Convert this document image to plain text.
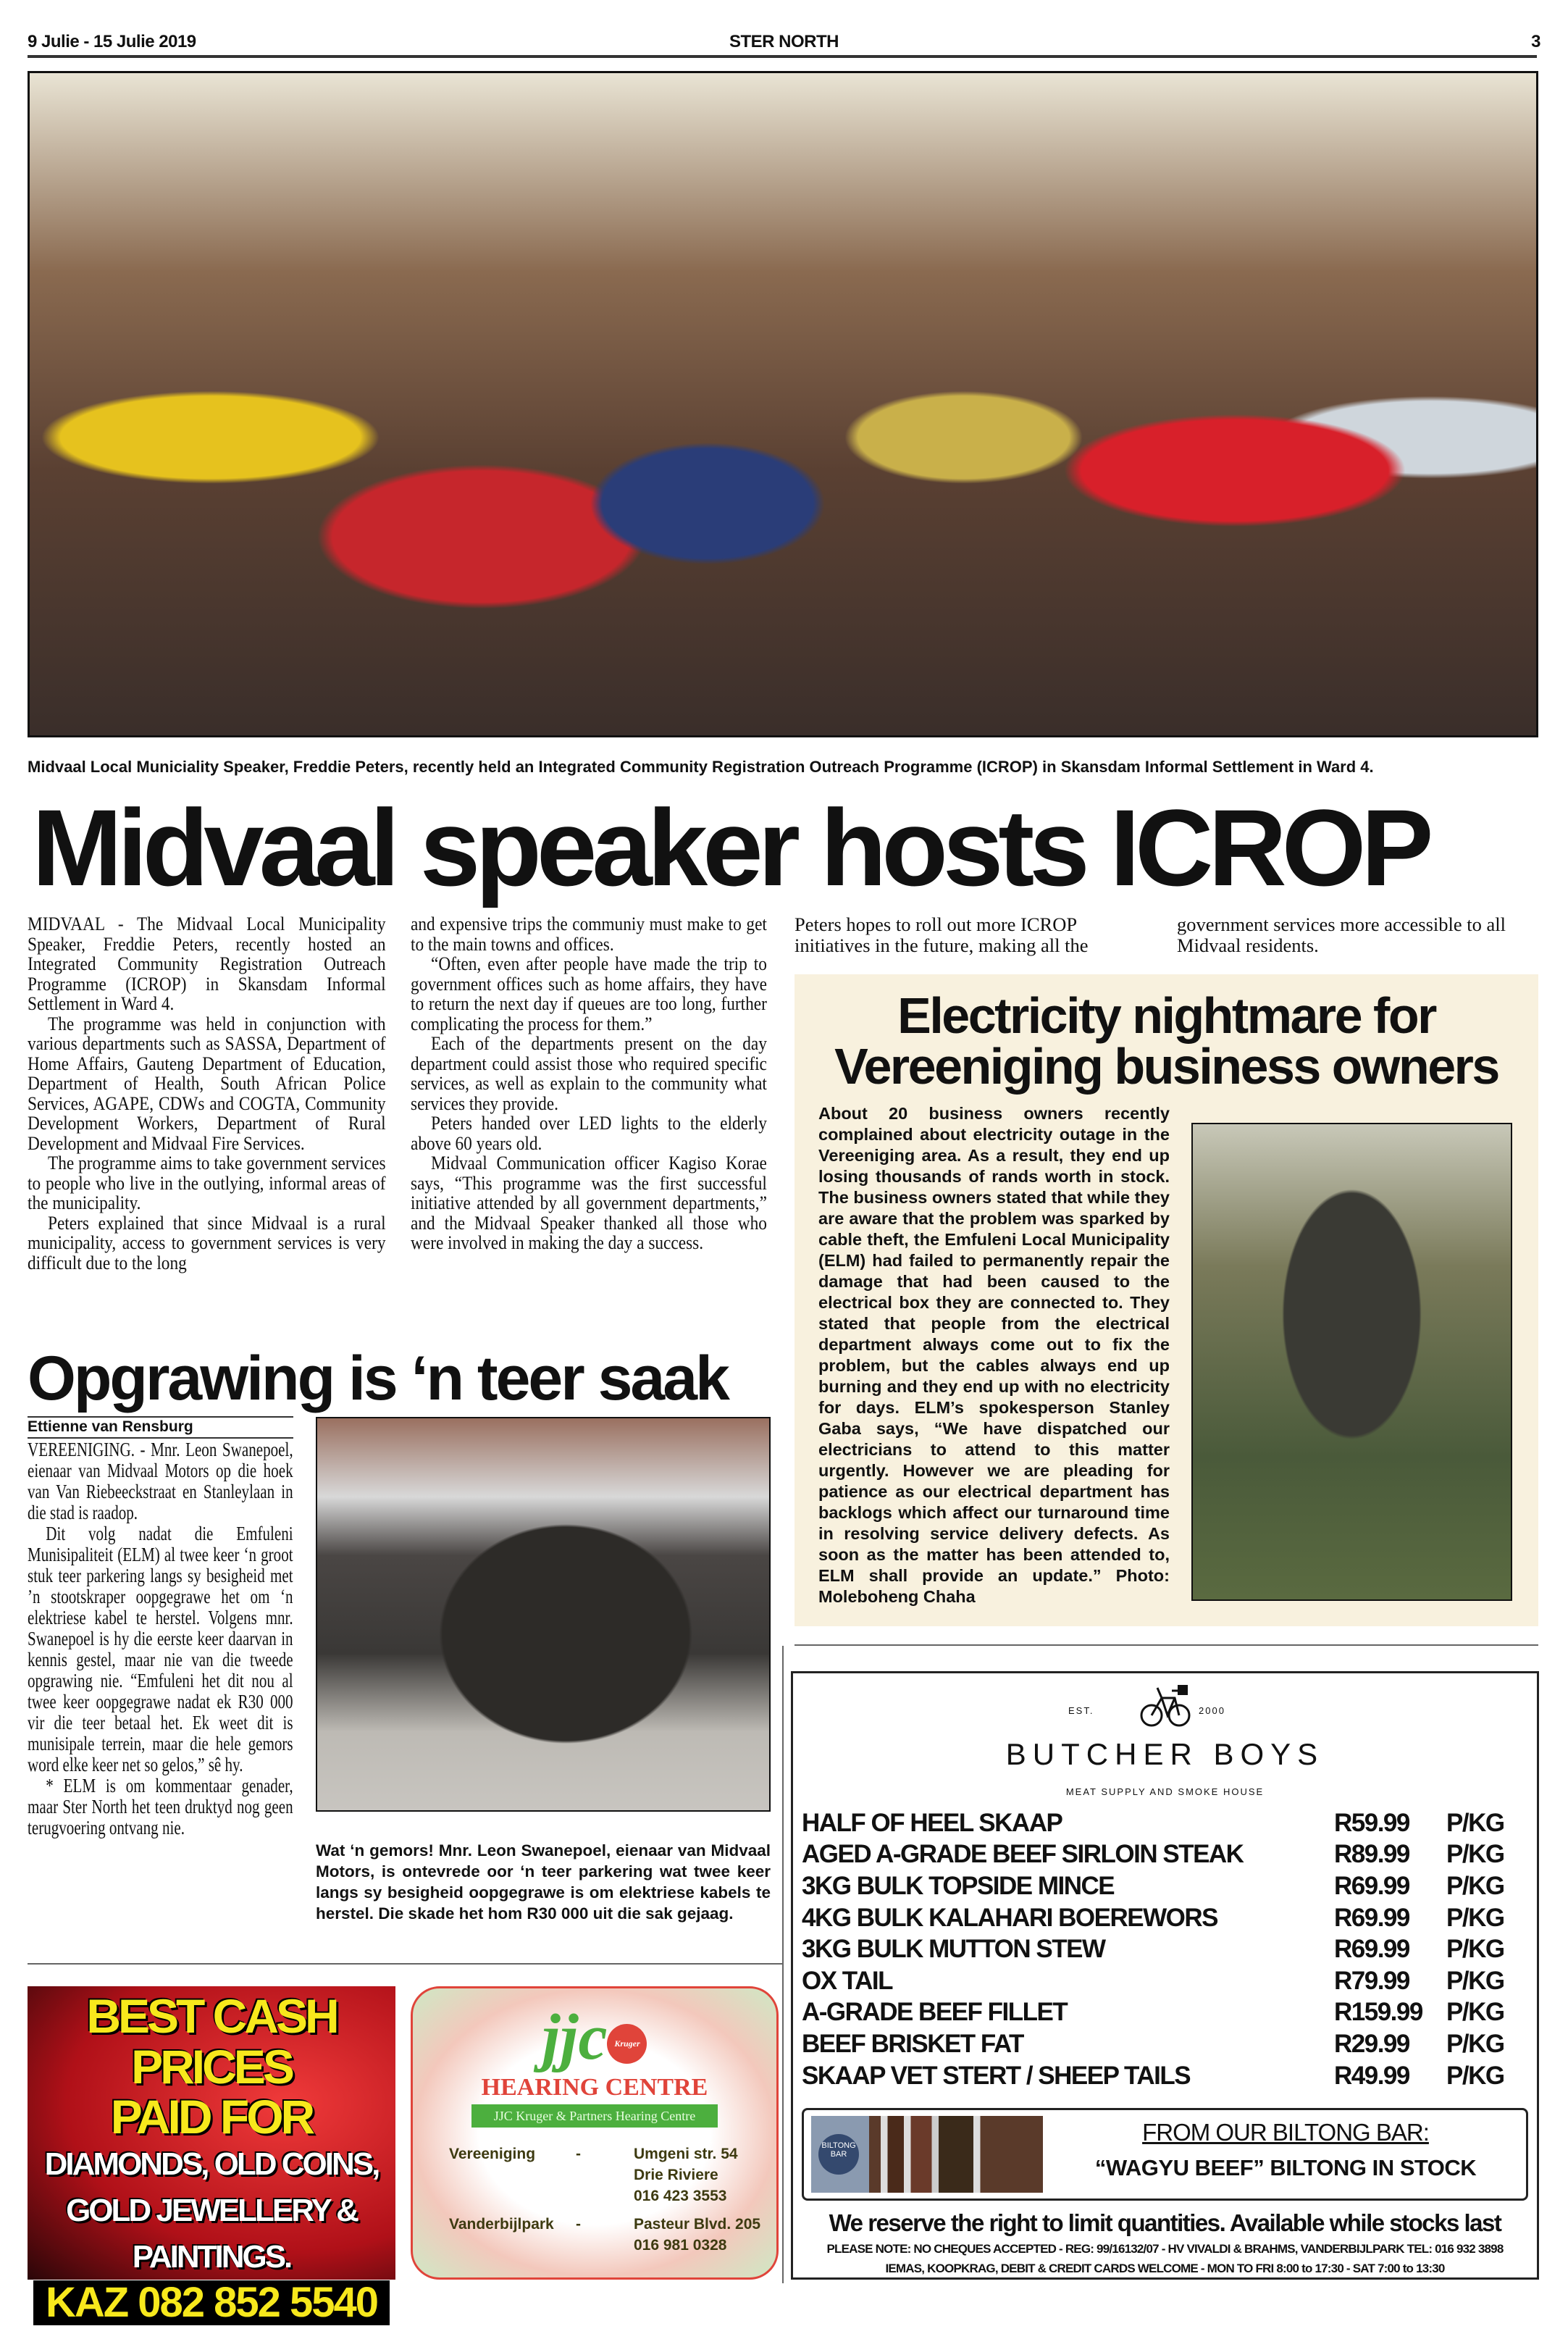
9 Julie - 15 Julie 2019	STER NORTH	3
Midvaal Local Municiality Speaker, Freddie Peters, recently held an Integrated Community Registration Outreach Programme (ICROP) in Skansdam Informal Settlement in Ward 4.
Midvaal speaker hosts ICROP

MIDVAAL - The Midvaal Local Municipality Speaker, Freddie Peters, recently hosted an Integrated Community Registration Outreach Programme (ICROP) in Skansdam Informal Settlement in Ward 4.

The programme was held in conjunction with various departments such as SASSA, Department of Home Affairs, Gauteng Department of Education, Department of Health, South African Police Services, AGAPE, CDWs and COGTA, Community Development Workers, Department of Rural Development and Midvaal Fire Services.

The programme aims to take government services to people who live in the outlying, informal areas of the municipality.

Peters explained that since Midvaal is a rural municipality, access to government services is very difficult due to the long

and expensive trips the communiy must make to get to the main towns and offices.

“Often, even after people have made the trip to government offices such as home affairs, they have to return the next day if queues are too long, further complicating the process for them.”

Each of the departments present on the day department could assist those who required specific services, as well as explain to the community what services they provide.

Peters handed over LED lights to the elderly above 60 years old.

Midvaal Communication officer Kagiso Korae says, “This programme was the first successful initiative attended by all government departments,” and the Midvaal Speaker thanked all those who were involved in making the day a success.

Peters hopes to roll out more ICROP initiatives in the future, making all the

government services more accessible to all Midvaal residents.

Electricity nightmare for
Vereeniging business owners
About 20 business owners recently complained about electricity outage in the Vereeniging area. As a result, they end up losing thousands of rands worth in stock. The business owners stated that while they are aware that the problem was sparked by cable theft, the Emfuleni Local Municipality (ELM) had failed to permanently repair the damage that had been caused to the electrical box they are connected to. They stated that people from the electrical department always come out to fix the problem, but the cables always end up burning and they end up with no electricity for days. ELM’s spokesperson Stanley Gaba says, “We have dispatched our electricians to attend to this matter urgently. However we are pleading for patience as our electrical department has backlogs which affect our turnaround time in resolving service delivery defects. As soon as the matter has been attended to, ELM shall provide an update.” Photo: Moleboheng Chaha
Opgrawing is ‘n teer saak
Ettienne van Rensburg

VEREENIGING. - Mnr. Leon Swanepoel, eienaar van Midvaal Motors op die hoek van Van Riebeeckstraat en Stanleylaan in die stad is raadop.

Dit volg nadat die Emfuleni Munisipaliteit (ELM) al twee keer ‘n groot stuk teer parkering langs sy besigheid met ’n stootskraper oopgegrawe het om ‘n elektriese kabel te herstel. Volgens mnr. Swanepoel is hy die eerste keer daarvan in kennis gestel, maar nie van die tweede opgrawing nie. “Emfuleni het dit nou al twee keer oopgegrawe nadat ek R30 000 vir die teer betaal het. Ek weet dit is munisipale terrein, maar die hele gemors word elke keer net so gelos,” sê hy.

* ELM is om kommentaar genader, maar Ster North het teen druktyd nog geen terugvoering ontvang nie.

Wat ‘n gemors! Mnr. Leon Swanepoel, eienaar van Midvaal Motors, is ontevrede oor ‘n teer parkering wat twee keer langs sy besigheid oopgegrawe is om elektriese kabels te herstel. Die skade het hom R30 000 uit die sak gejaag.
BEST CASH PRICES
PAID FOR
DIAMONDS, OLD COINS,
GOLD JEWELLERY &
PAINTINGS.
KAZ 082 852 5540
jjc Kruger
HEARING CENTRE
JJC Kruger & Partners Hearing Centre
Vereeniging	-	Umgeni str. 54
Drie Riviere
016 423 3553
Vanderbijlpark	-	Pasteur Blvd. 205
016 981 0328
EST.	2000
BUTCHER BOYS
MEAT SUPPLY AND SMOKE HOUSE
HALF OF HEEL SKAAP	R59.99	P/KG
AGED A-GRADE BEEF SIRLOIN STEAK	R89.99	P/KG
3KG BULK TOPSIDE MINCE	R69.99	P/KG
4KG BULK KALAHARI BOEREWORS	R69.99	P/KG
3KG BULK MUTTON STEW	R69.99	P/KG
OX TAIL	R79.99	P/KG
A-GRADE BEEF FILLET	R159.99 P/KG
BEEF BRISKET FAT	R29.99	P/KG
SKAAP VET STERT / SHEEP TAILS	R49.99	P/KG
BILTONG BAR
FROM OUR BILTONG BAR:
“WAGYU BEEF” BILTONG IN STOCK
We reserve the right to limit quantities. Available while stocks last
PLEASE NOTE: NO CHEQUES ACCEPTED - REG: 99/16132/07 - HV VIVALDI & BRAHMS, VANDERBIJLPARK TEL: 016 932 3898
IEMAS, KOOPKRAG, DEBIT & CREDIT CARDS WELCOME - MON TO FRI 8:00 to 17:30 - SAT 7:00 to 13:30
